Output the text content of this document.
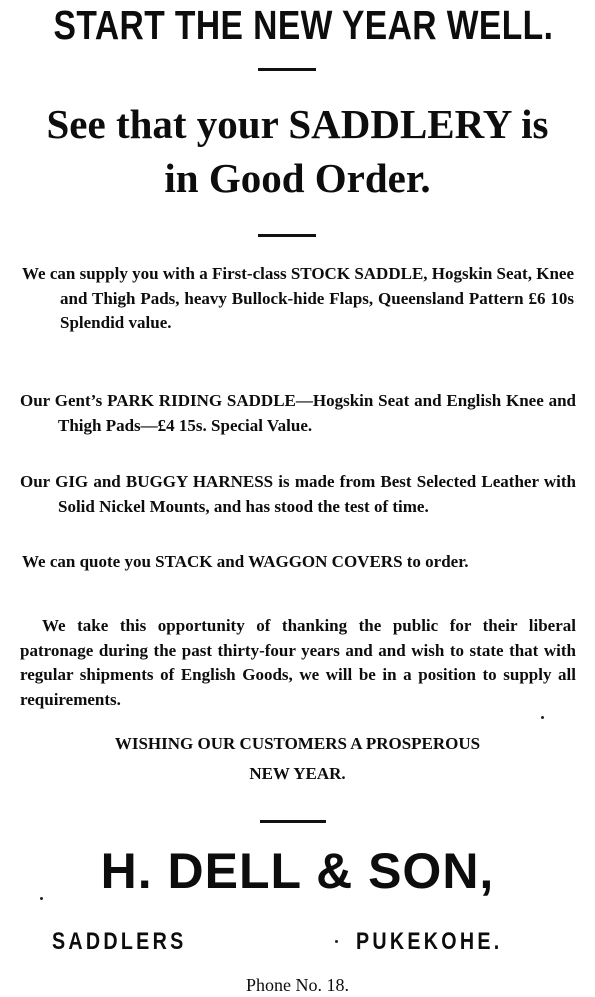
START THE NEW YEAR WELL.
See that your SADDLERY is
in Good Order.
We can supply you with a First-class STOCK SADDLE, Hogskin Seat, Knee and Thigh Pads, heavy Bullock-hide Flaps, Queensland Pattern £6 10s Splendid value.
Our Gent’s PARK RIDING SADDLE—Hogskin Seat and English Knee and Thigh Pads—£4 15s. Special Value.
Our GIG and BUGGY HARNESS is made from Best Selected Leather with Solid Nickel Mounts, and has stood the test of time.
We can quote you STACK and WAGGON COVERS to order.
We take this opportunity of thanking the public for their liberal patronage during the past thirty-four years and and wish to state that with regular shipments of English Goods, we will be in a position to supply all requirements.
WISHING OUR CUSTOMERS A PROSPEROUS
NEW YEAR.
H. DELL & SON,
SADDLERS	PUKEKOHE.
Phone No. 18.
